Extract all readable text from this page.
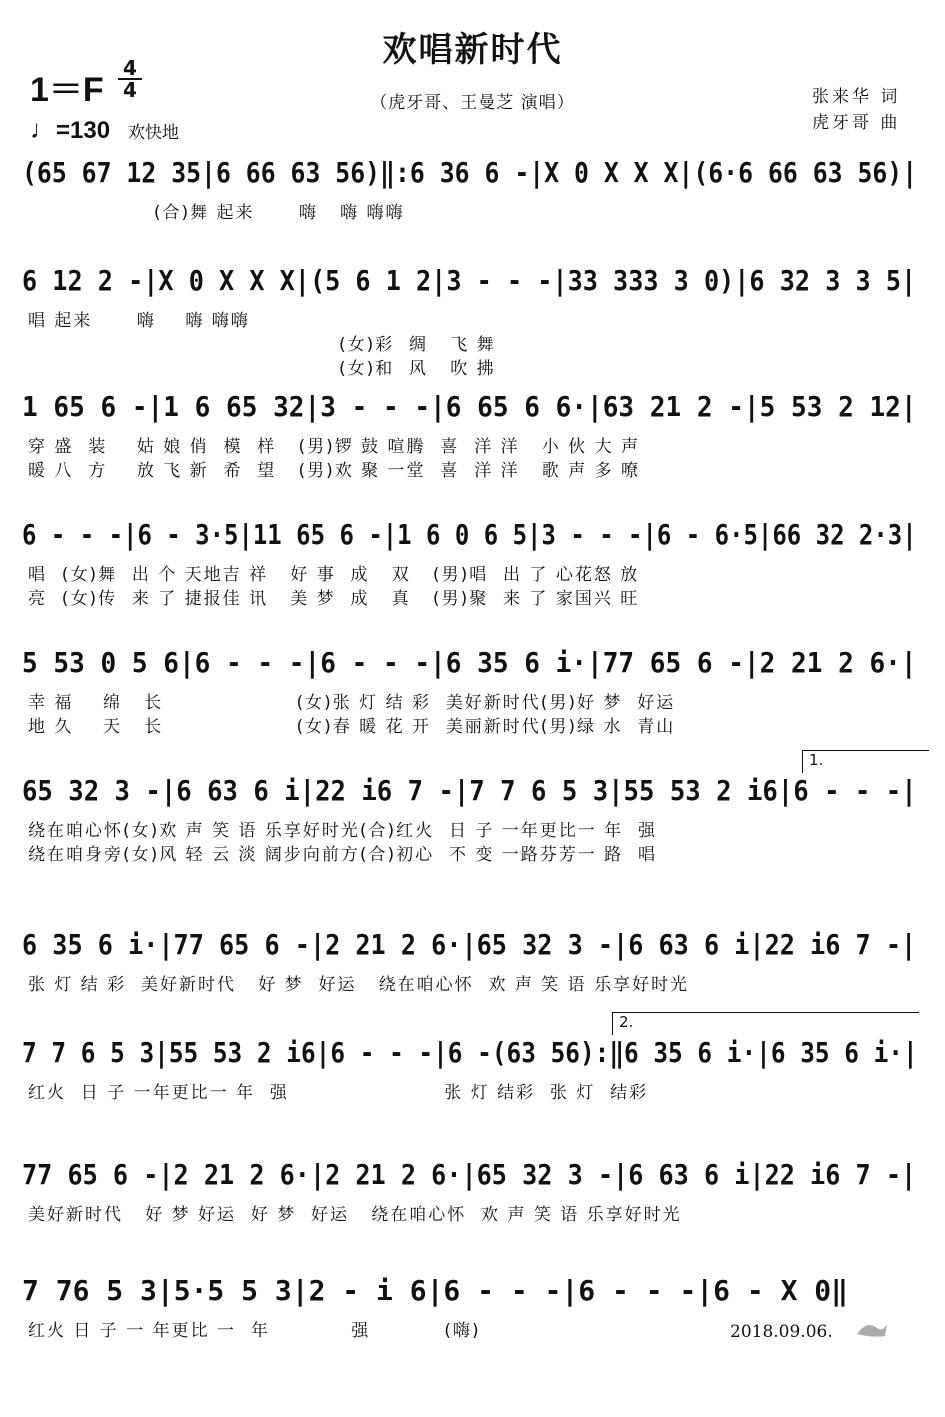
欢唱新时代
（虎牙哥、王曼芝 演唱）
1＝F
4
4
♩=130 欢快地
张来华 词
虎牙哥 曲
(65 67 12 35|6 66 63 56)‖:6 36 6 -|X 0 X X X|(6·6 66 63 56)|
(合)舞 起来      嗨   嗨 嗨嗨
6 12 2 -|X 0 X X X|(5 6 1 2|3 - - -|33 333 3 0)|6 32 3 3 5|
唱 起来      嗨    嗨 嗨嗨
(女)彩  绸   飞 舞
(女)和  风   吹 拂
1 65 6 -|1 6 65 32|3 - - -|6 65 6 6·|63 21 2 -|5 53 2 12|
穿 盛  装    姑 娘 俏  模  样   (男)锣 鼓 喧腾  喜  洋 洋   小 伙 大 声
暖 八  方    放 飞 新  希  望   (男)欢 聚 一堂  喜  洋 洋   歌 声 多 嘹
6 - - -|6 - 3·5|11 65 6 -|1 6 0 6 5|3 - - -|6 - 6·5|66 32 2·3|
唱  (女)舞  出 个 天地吉 祥   好 事  成   双   (男)唱  出 了 心花怒 放
亮  (女)传  来 了 捷报佳 讯   美 梦  成   真   (男)聚  来 了 家国兴 旺
5 53 0 5 6|6 - - -|6 - - -|6 35 6 i·|77 65 6 -|2 21 2 6·|
幸 福    绵   长                  (女)张 灯 结 彩  美好新时代(男)好 梦  好运
地 久    天   长                  (女)春 暖 花 开  美丽新时代(男)绿 水  青山
65 32 3 -|6 63 6 i|22 i6 7 -|7 7 6 5 3|55 53 2 i6|6 - - -|
1.
绕在咱心怀(女)欢 声 笑 语 乐享好时光(合)红火  日 子 一年更比一 年  强
绕在咱身旁(女)风 轻 云 淡 阔步向前方(合)初心  不 变 一路芬芳一 路  唱
6 35 6 i·|77 65 6 -|2 21 2 6·|65 32 3 -|6 63 6 i|22 i6 7 -|
张 灯 结 彩  美好新时代   好 梦  好运   绕在咱心怀  欢 声 笑 语 乐享好时光
7 7 6 5 3|55 53 2 i6|6 - - -|6 -(63 56):‖6 35 6 i·|6 35 6 i·|
2.
红火  日 子 一年更比一 年  强                     张 灯 结彩  张 灯  结彩
77 65 6 -|2 21 2 6·|2 21 2 6·|65 32 3 -|6 63 6 i|22 i6 7 -|
美好新时代   好 梦 好运  好 梦  好运   绕在咱心怀  欢 声 笑 语 乐享好时光
7 76 5 3|5·5 5 3|2 - i 6|6 - - -|6 - - -|6 - X 0‖
红火 日 子 一 年更比 一  年           强          (嗨)	2018.09.06.
